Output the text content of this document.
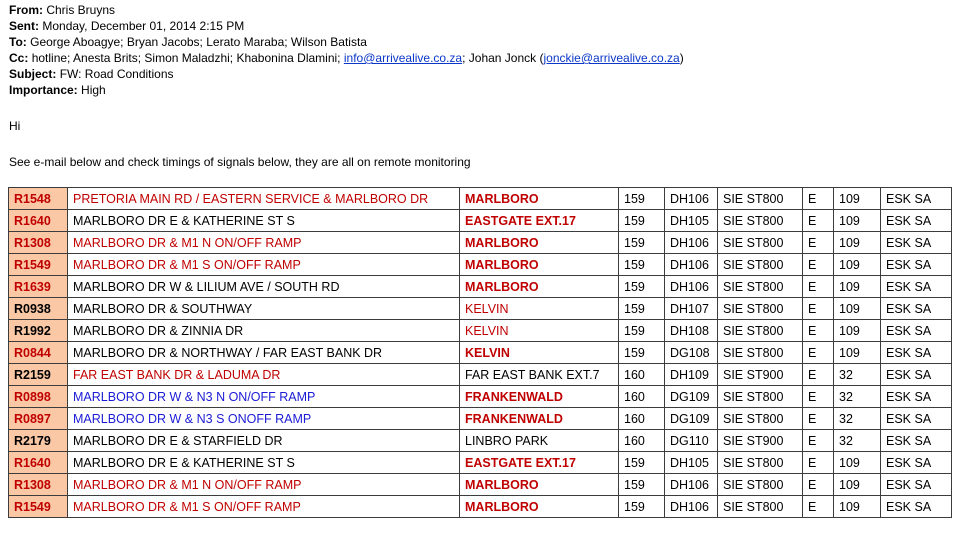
From: Chris Bruyns
Sent: Monday, December 01, 2014 2:15 PM
To: George Aboagye; Bryan Jacobs; Lerato Maraba; Wilson Batista
Cc: hotline; Anesta Brits; Simon Maladzhi; Khabonina Dlamini; info@arrivealive.co.za; Johan Jonck (jonckie@arrivealive.co.za)
Subject: FW: Road Conditions
Importance: High
Hi
See e-mail below and check timings of signals below, they are all on remote monitoring
R1548	PRETORIA MAIN RD / EASTERN SERVICE & MARLBORO DR	MARLBORO	159	DH106	SIE ST800	E	109	ESK SA
R1640	MARLBORO DR E & KATHERINE ST S	EASTGATE EXT.17	159	DH105	SIE ST800	E	109	ESK SA
R1308	MARLBORO DR & M1 N ON/OFF RAMP	MARLBORO	159	DH106	SIE ST800	E	109	ESK SA
R1549	MARLBORO DR & M1 S ON/OFF RAMP	MARLBORO	159	DH106	SIE ST800	E	109	ESK SA
R1639	MARLBORO DR W & LILIUM AVE / SOUTH RD	MARLBORO	159	DH106	SIE ST800	E	109	ESK SA
R0938	MARLBORO DR & SOUTHWAY	KELVIN	159	DH107	SIE ST800	E	109	ESK SA
R1992	MARLBORO DR & ZINNIA DR	KELVIN	159	DH108	SIE ST800	E	109	ESK SA
R0844	MARLBORO DR & NORTHWAY / FAR EAST BANK DR	KELVIN	159	DG108	SIE ST800	E	109	ESK SA
R2159	FAR EAST BANK DR & LADUMA DR	FAR EAST BANK EXT.7	160	DH109	SIE ST900	E	32	ESK SA
R0898	MARLBORO DR W & N3 N ON/OFF RAMP	FRANKENWALD	160	DG109	SIE ST800	E	32	ESK SA
R0897	MARLBORO DR W & N3 S ONOFF RAMP	FRANKENWALD	160	DG109	SIE ST800	E	32	ESK SA
R2179	MARLBORO DR E & STARFIELD DR	LINBRO PARK	160	DG110	SIE ST900	E	32	ESK SA
R1640	MARLBORO DR E & KATHERINE ST S	EASTGATE EXT.17	159	DH105	SIE ST800	E	109	ESK SA
R1308	MARLBORO DR & M1 N ON/OFF RAMP	MARLBORO	159	DH106	SIE ST800	E	109	ESK SA
R1549	MARLBORO DR & M1 S ON/OFF RAMP	MARLBORO	159	DH106	SIE ST800	E	109	ESK SA
